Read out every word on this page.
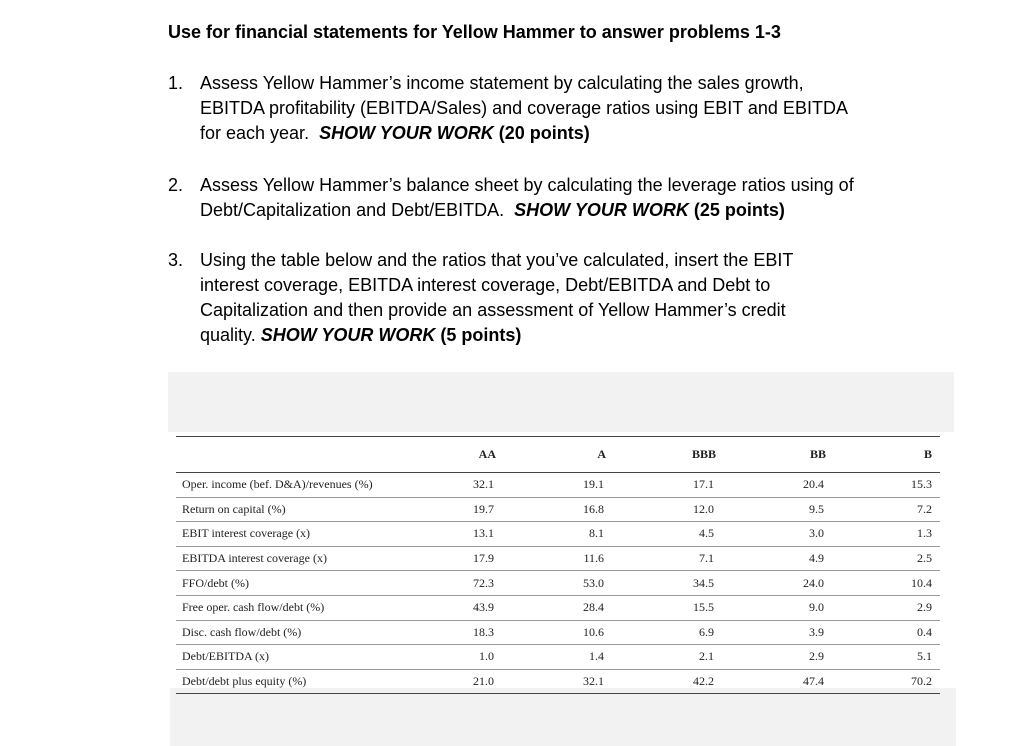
Use for financial statements for Yellow Hammer to answer problems 1-3
1. Assess Yellow Hammer’s income statement by calculating the sales growth,
EBITDA profitability (EBITDA/Sales) and coverage ratios using EBIT and EBITDA
for each year.  SHOW YOUR WORK (20 points)
2. Assess Yellow Hammer’s balance sheet by calculating the leverage ratios using of
Debt/Capitalization and Debt/EBITDA.  SHOW YOUR WORK (25 points)
3. Using the table below and the ratios that you’ve calculated, insert the EBIT
interest coverage, EBITDA interest coverage, Debt/EBITDA and Debt to
Capitalization and then provide an assessment of Yellow Hammer’s credit
quality. SHOW YOUR WORK (5 points)
	AA	A	BBB	BB	B
Oper. income (bef. D&A)/revenues (%)	32.1	19.1	17.1	20.4	15.3
Return on capital (%)	19.7	16.8	12.0	9.5	7.2
EBIT interest coverage (x)	13.1	8.1	4.5	3.0	1.3
EBITDA interest coverage (x)	17.9	11.6	7.1	4.9	2.5
FFO/debt (%)	72.3	53.0	34.5	24.0	10.4
Free oper. cash flow/debt (%)	43.9	28.4	15.5	9.0	2.9
Disc. cash flow/debt (%)	18.3	10.6	6.9	3.9	0.4
Debt/EBITDA (x)	1.0	1.4	2.1	2.9	5.1
Debt/debt plus equity (%)	21.0	32.1	42.2	47.4	70.2
